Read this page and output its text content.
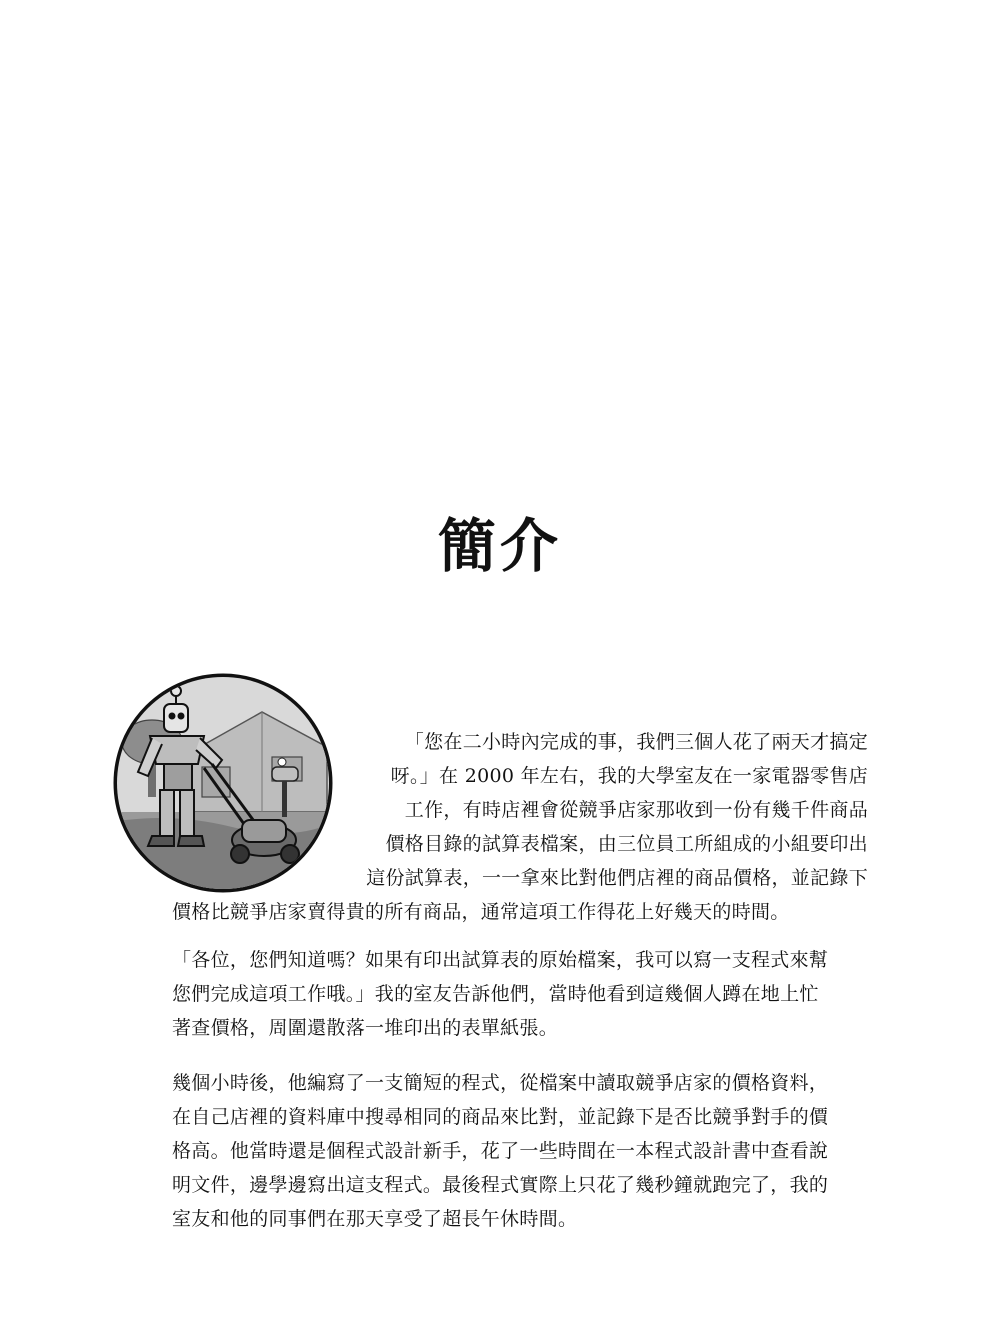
簡介
「您在二小時內完成的事，我們三個人花了兩天才搞定
呀。」在 2000 年左右，我的大學室友在一家電器零售店
工作，有時店裡會從競爭店家那收到一份有幾千件商品
價格目錄的試算表檔案，由三位員工所組成的小組要印出
這份試算表，一一拿來比對他們店裡的商品價格，並記錄下
價格比競爭店家賣得貴的所有商品，通常這項工作得花上好幾天的時間。

「各位，您們知道嗎？如果有印出試算表的原始檔案，我可以寫一支程式來幫
您們完成這項工作哦。」我的室友告訴他們，當時他看到這幾個人蹲在地上忙
著查價格，周圍還散落一堆印出的表單紙張。

幾個小時後，他編寫了一支簡短的程式，從檔案中讀取競爭店家的價格資料，
在自己店裡的資料庫中搜尋相同的商品來比對，並記錄下是否比競爭對手的價
格高。他當時還是個程式設計新手，花了一些時間在一本程式設計書中查看說
明文件，邊學邊寫出這支程式。最後程式實際上只花了幾秒鐘就跑完了，我的
室友和他的同事們在那天享受了超長午休時間。
